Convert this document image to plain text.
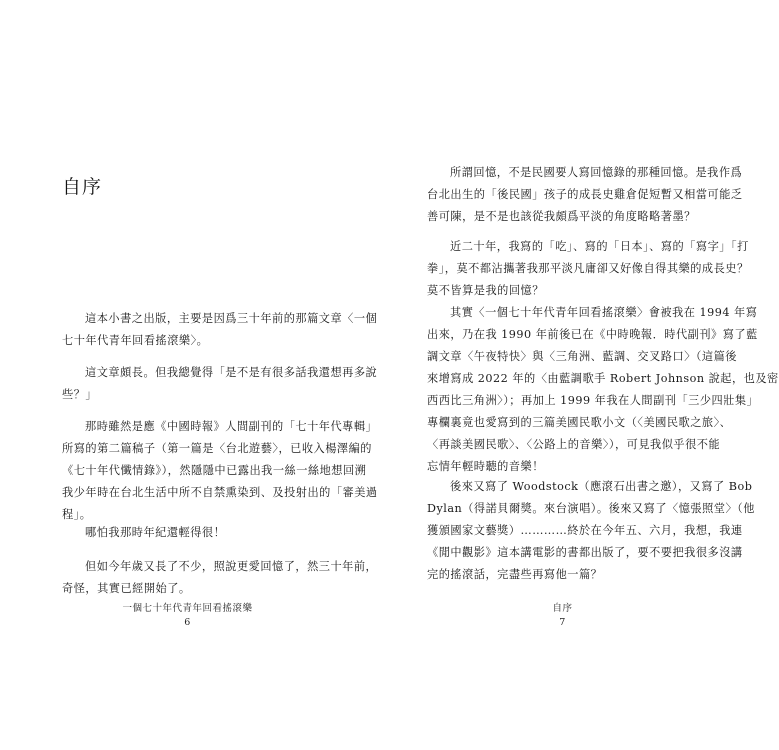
自序
這本小書之出版，主要是因爲三十年前的那篇文章〈一個
七十年代青年回看搖滾樂〉。
這文章頗長。但我總覺得「是不是有很多話我還想再多說
些？」
那時雖然是應《中國時報》人間副刊的「七十年代專輯」
所寫的第二篇稿子（第一篇是〈台北遊藝〉，已收入楊澤編的
《七十年代懺情錄》），然隱隱中已露出我一絲一絲地想回溯
我少年時在台北生活中所不自禁熏染到、及投射出的「審美過
程」。
哪怕我那時年紀還輕得很！
但如今年歲又長了不少，照說更愛回憶了，然三十年前，
奇怪，其實已經開始了。
一個七十年代青年回看搖滾樂
6
所謂回憶，不是民國要人寫回憶錄的那種回憶。是我作爲
台北出生的「後民國」孩子的成長史雞倉促短暫又相當可能乏
善可陳，是不是也該從我頗爲平淡的角度略略著墨？
近二十年，我寫的「吃」、寫的「日本」、寫的「寫字」「打
拳」，莫不都沾攜著我那平淡凡庸卻又好像自得其樂的成長史？
莫不皆算是我的回憶？
其實〈一個七十年代青年回看搖滾樂〉會被我在 1994 年寫
出來，乃在我 1990 年前後已在《中時晚報．時代副刊》寫了藍
調文章〈午夜特快〉與〈三角洲、藍調、交叉路口〉（這篇後
來增寫成 2022 年的〈由藍調歌手 Robert Johnson 說起，也及密
西西比三角洲〉）；再加上 1999 年我在人間副刊「三少四壯集」
專欄裏竟也愛寫到的三篇美國民歌小文（〈美國民歌之旅〉、
〈再談美國民歌〉、〈公路上的音樂〉），可見我似乎很不能
忘情年輕時聽的音樂！
後來又寫了 Woodstock（應滾石出書之邀），又寫了 Bob
Dylan（得諾貝爾獎。來台演唱）。後來又寫了〈憶張照堂〉（他
獲頒國家文藝獎）…………終於在今年五、六月，我想，我連
《閒中觀影》這本講電影的書都出版了，要不要把我很多沒講
完的搖滾話，完盡些再寫他一篇？
自序
7
